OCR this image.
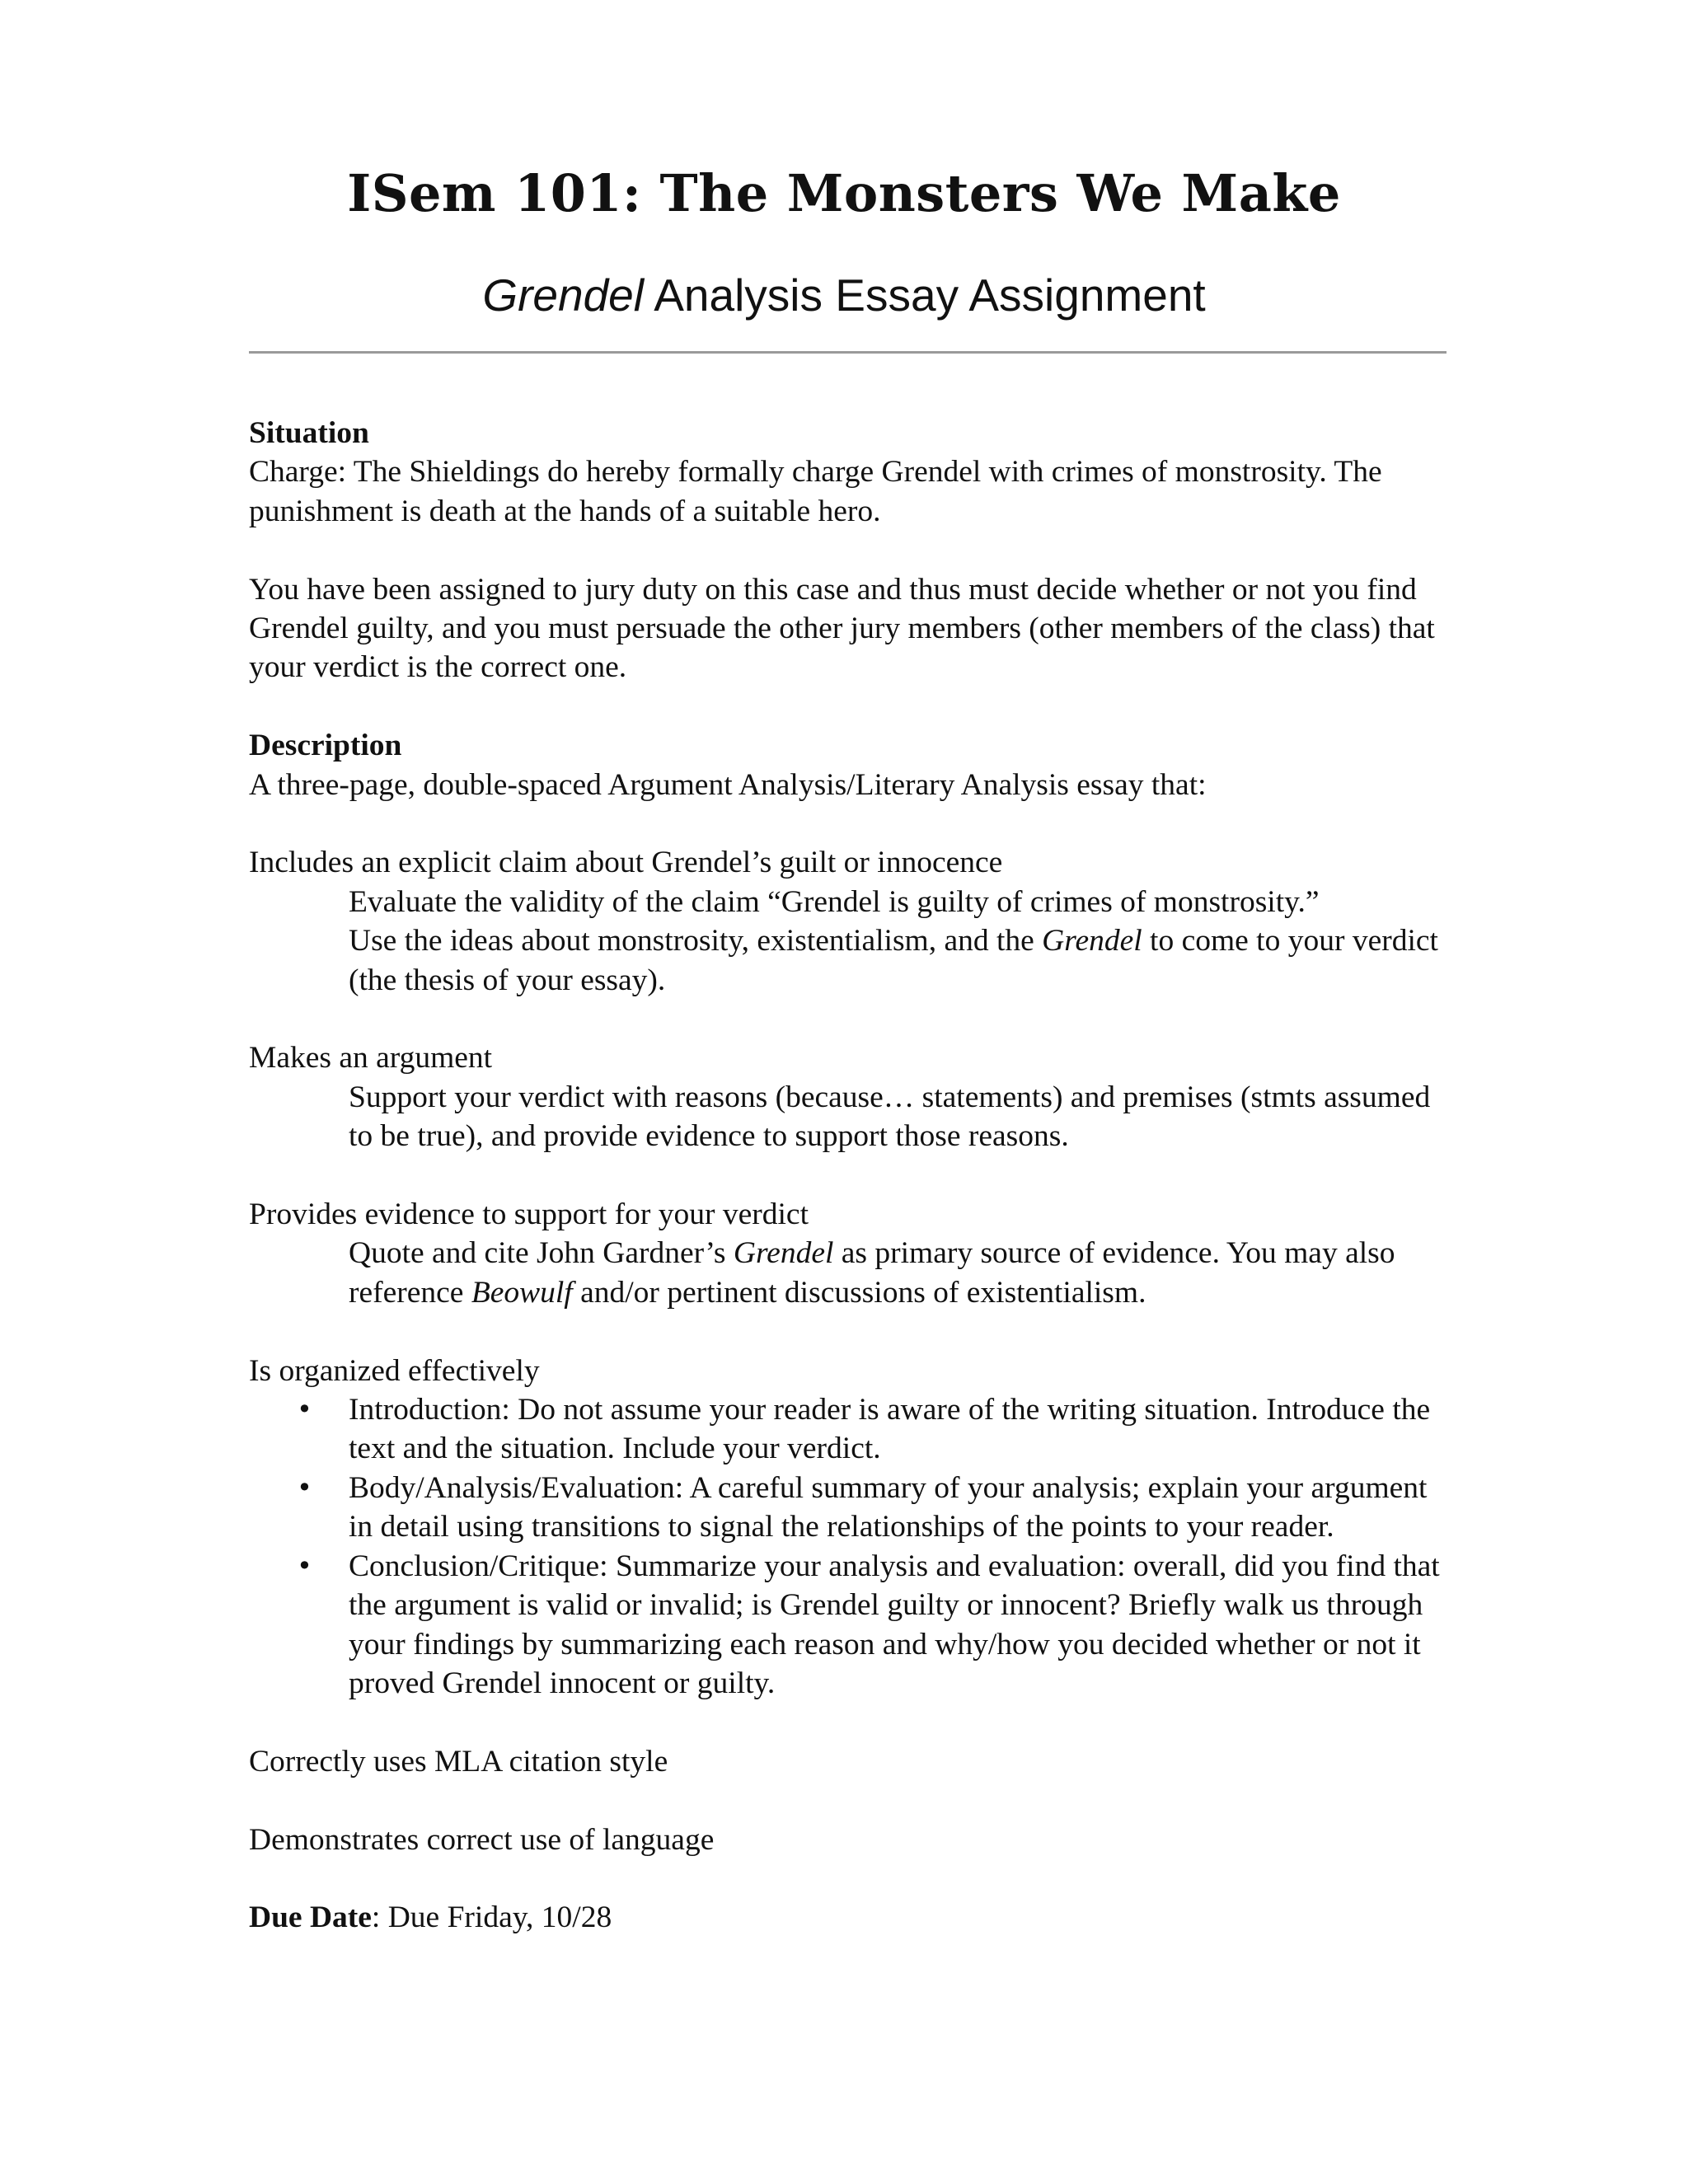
ISem 101: The Monsters We Make
Grendel Analysis Essay Assignment

Situation

Charge: The Shieldings do hereby formally charge Grendel with crimes of monstrosity. The punishment is death at the hands of a suitable hero.

You have been assigned to jury duty on this case and thus must decide whether or not you find Grendel guilty, and you must persuade the other jury members (other members of the class) that your verdict is the correct one.

Description

A three-page, double-spaced Argument Analysis/Literary Analysis essay that:

Includes an explicit claim about Grendel’s guilt or innocence

Evaluate the validity of the claim “Grendel is guilty of crimes of monstrosity.”

Use the ideas about monstrosity, existentialism, and the Grendel to come to your verdict (the thesis of your essay).

Makes an argument

Support your verdict with reasons (because… statements) and premises (stmts assumed to be true), and provide evidence to support those reasons.

Provides evidence to support for your verdict

Quote and cite John Gardner’s Grendel as primary source of evidence. You may also reference Beowulf and/or pertinent discussions of existentialism.

Is organized effectively

• Introduction: Do not assume your reader is aware of the writing situation. Introduce the text and the situation. Include your verdict.
• Body/Analysis/Evaluation: A careful summary of your analysis; explain your argument in detail using transitions to signal the relationships of the points to your reader.
• Conclusion/Critique: Summarize your analysis and evaluation: overall, did you find that the argument is valid or invalid; is Grendel guilty or innocent? Briefly walk us through your findings by summarizing each reason and why/how you decided whether or not it proved Grendel innocent or guilty.

Correctly uses MLA citation style

Demonstrates correct use of language

Due Date: Due Friday, 10/28
